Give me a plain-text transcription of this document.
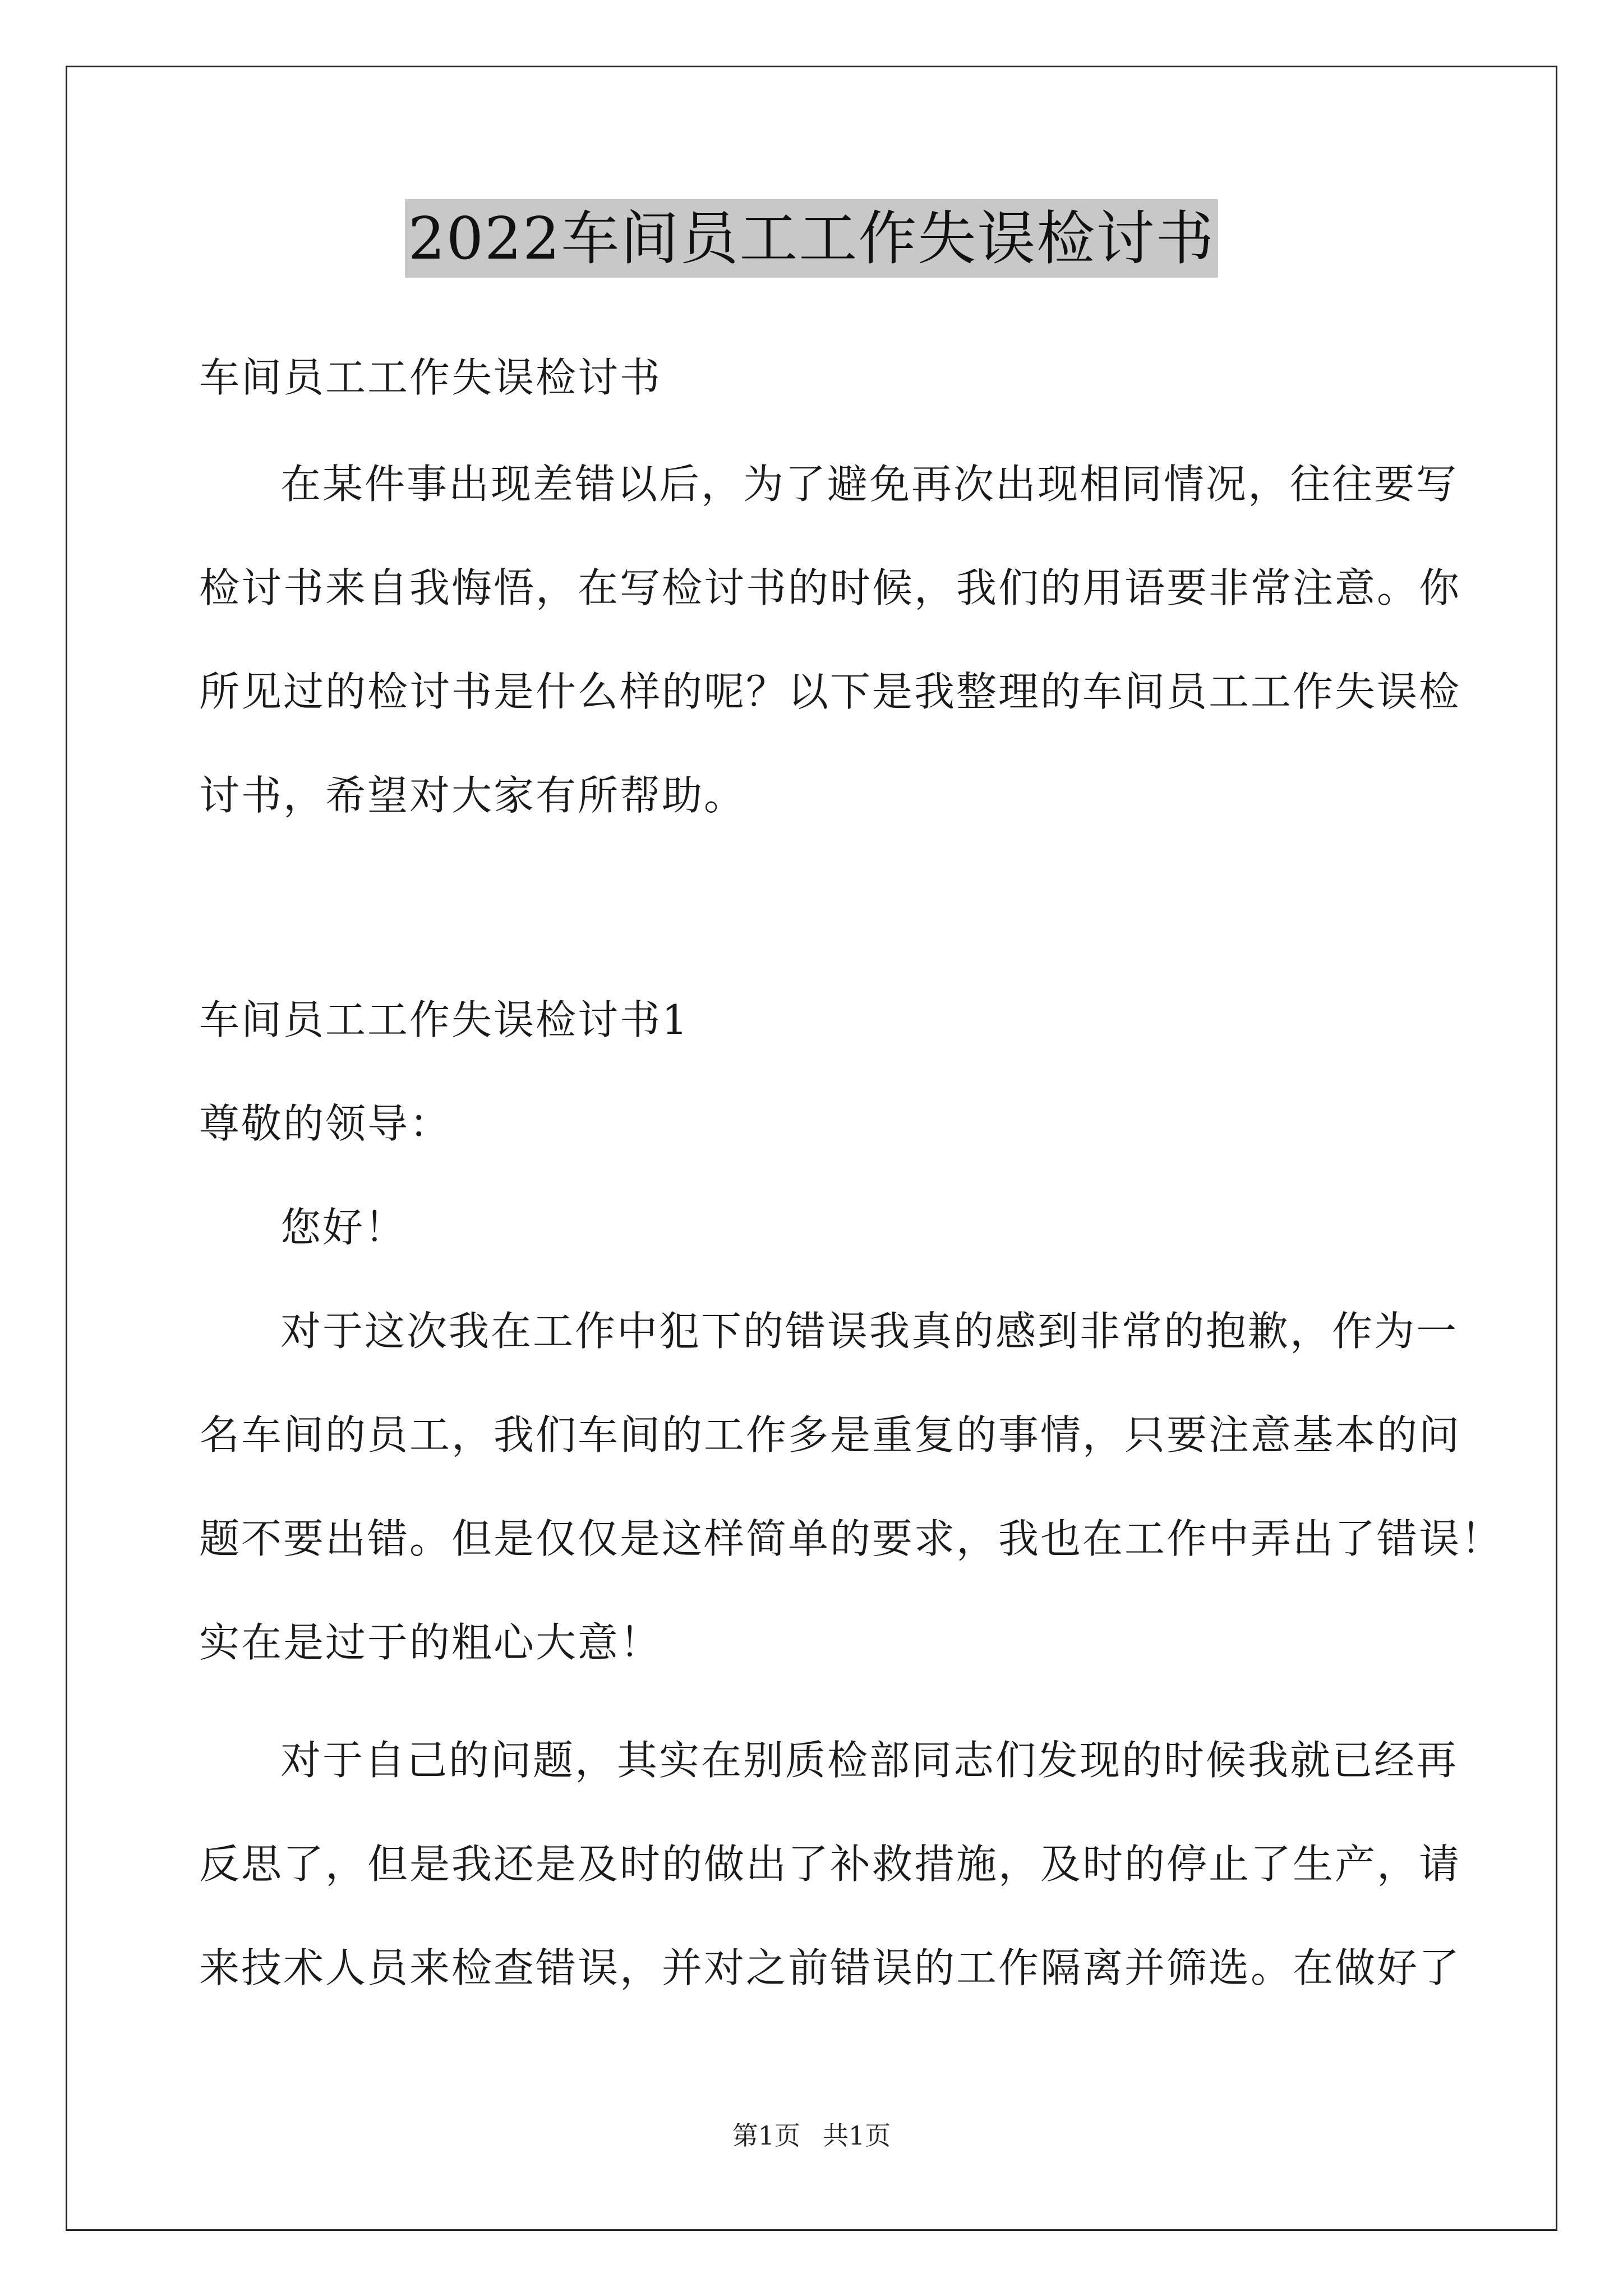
2022车间员工工作失误检讨书
车间员工工作失误检讨书
在某件事出现差错以后，为了避免再次出现相同情况，往往要写
检讨书来自我悔悟，在写检讨书的时候，我们的用语要非常注意。你
所见过的检讨书是什么样的呢？以下是我整理的车间员工工作失误检
讨书，希望对大家有所帮助。
车间员工工作失误检讨书1
尊敬的领导：
您好！
对于这次我在工作中犯下的错误我真的感到非常的抱歉，作为一
名车间的员工，我们车间的工作多是重复的事情，只要注意基本的问
题不要出错。但是仅仅是这样简单的要求，我也在工作中弄出了错误！
实在是过于的粗心大意！
对于自己的问题，其实在别质检部同志们发现的时候我就已经再
反思了，但是我还是及时的做出了补救措施，及时的停止了生产，请
来技术人员来检查错误，并对之前错误的工作隔离并筛选。在做好了
第1页 共1页
